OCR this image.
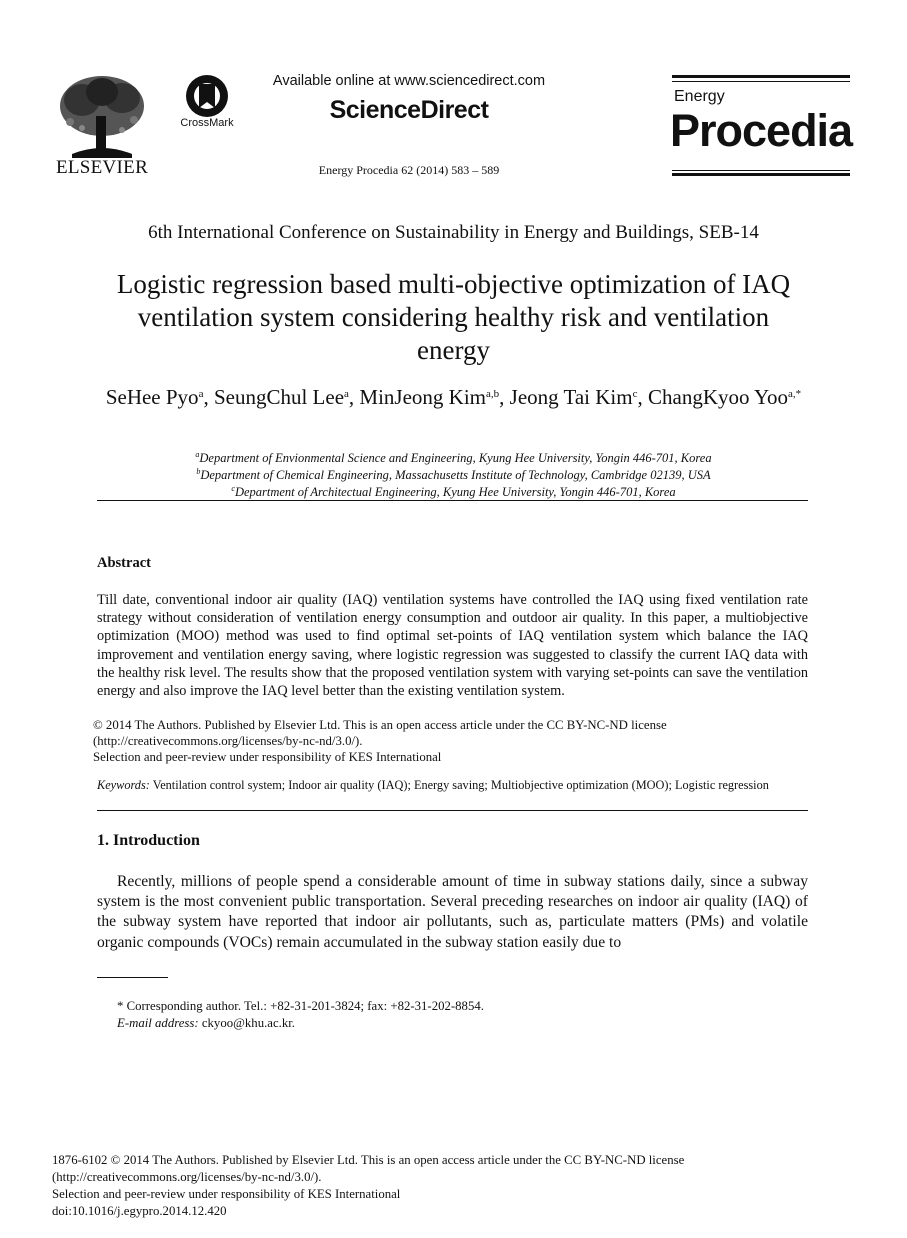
ELSEVIER
CrossMark
Available online at www.sciencedirect.com
ScienceDirect
Energy Procedia 62 (2014) 583 – 589
Energy
Procedia
6th International Conference on Sustainability in Energy and Buildings, SEB-14
Logistic regression based multi-objective optimization of IAQ
ventilation system considering healthy risk and ventilation
energy
SeHee Pyo$^a$, SeungChul Lee$^a$, MinJeong Kim$^{a,b}$, Jeong Tai Kim$^c$, ChangKyoo Yoo$^{a,*}$
$^a$Department of Envionmental Science and Engineering, Kyung Hee University, Yongin 446-701, Korea
$^b$Department of Chemical Engineering, Massachusetts Institute of Technology, Cambridge 02139, USA
$^c$Department of Architectual Engineering, Kyung Hee University, Yongin 446-701, Korea
Abstract
Till date, conventional indoor air quality (IAQ) ventilation systems have controlled the IAQ using fixed ventilation rate strategy without consideration of ventilation energy consumption and outdoor air quality. In this paper, a multiobjective optimization (MOO) method was used to find optimal set-points of IAQ ventilation system which balance the IAQ improvement and ventilation energy saving, where logistic regression was suggested to classify the current IAQ data with the healthy risk level. The results show that the proposed ventilation system with varying set-points can save the ventilation energy and also improve the IAQ level better than the existing ventilation system.
© 2014 The Authors. Published by Elsevier Ltd. This is an open access article under the CC BY-NC-ND license
(http://creativecommons.org/licenses/by-nc-nd/3.0/).
Selection and peer-review under responsibility of KES International
Keywords: Ventilation control system; Indoor air quality (IAQ); Energy saving; Multiobjective optimization (MOO); Logistic regression
1. Introduction
Recently, millions of people spend a considerable amount of time in subway stations daily, since a subway system is the most convenient public transportation. Several preceding researches on indoor air quality (IAQ) of the subway system have reported that indoor air pollutants, such as, particulate matters (PMs) and volatile organic compounds (VOCs) remain accumulated in the subway station easily due to
* Corresponding author. Tel.: +82-31-201-3824; fax: +82-31-202-8854.
E-mail address: ckyoo@khu.ac.kr.
1876-6102 © 2014 The Authors. Published by Elsevier Ltd. This is an open access article under the CC BY-NC-ND license
(http://creativecommons.org/licenses/by-nc-nd/3.0/).
Selection and peer-review under responsibility of KES International
doi:10.1016/j.egypro.2014.12.420
